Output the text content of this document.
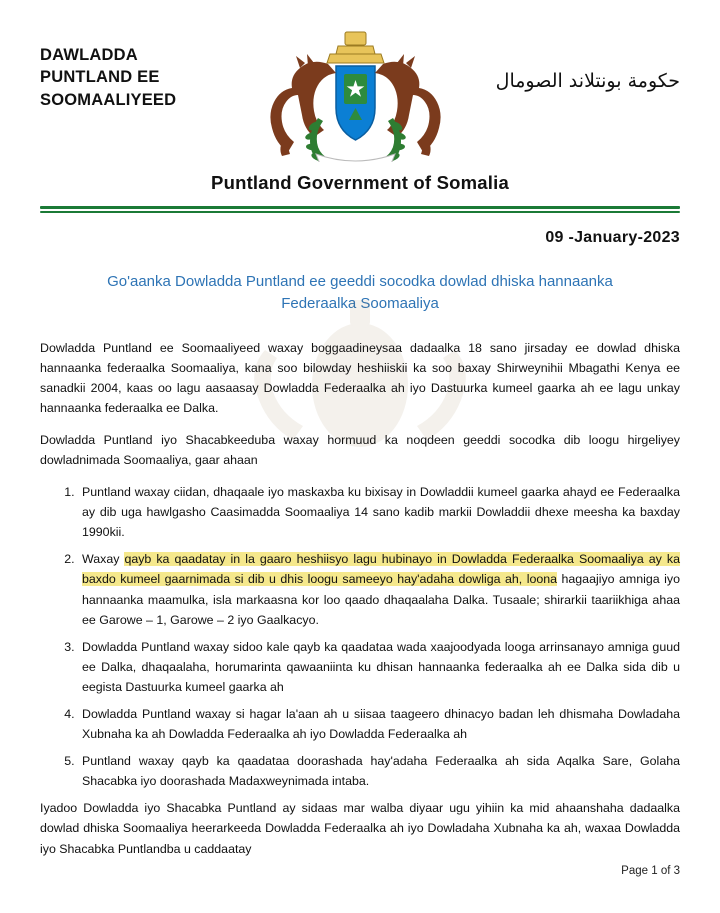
DAWLADDA
PUNTLAND EE
SOOMAALIYEED
حكومة بونتلاند الصومال
Puntland Government of Somalia
09 -January-2023
Go'aanka Dowladda Puntland ee geeddi socodka dowlad dhiska hannaanka Federaalka Soomaaliya

Dowladda Puntland ee Soomaaliyeed waxay boggaadineysaa dadaalka 18 sano jirsaday ee dowlad dhiska hannaanka federaalka Soomaaliya, kana soo bilowday heshiiskii ka soo baxay Shirweynihii Mbagathi Kenya ee sanadkii 2004, kaas oo lagu aasaasay Dowladda Federaalka ah iyo Dastuurka kumeel gaarka ah ee lagu unkay hannaanka federaalka ee Dalka.

Dowladda Puntland iyo Shacabkeeduba waxay hormuud ka noqdeen geeddi socodka dib loogu hirgeliyey dowladnimada Soomaaliya, gaar ahaan

1. Puntland waxay ciidan, dhaqaale iyo maskaxba ku bixisay in Dowladdii kumeel gaarka ahayd ee Federaalka ay dib uga hawlgasho Caasimadda Soomaaliya 14 sano kadib markii Dowladdii dhexe meesha ka baxday 1990kii.
2. Waxay qayb ka qaadatay in la gaaro heshiisyo lagu hubinayo in Dowladda Federaalka Soomaaliya ay ka baxdo kumeel gaarnimada si dib u dhis loogu sameeyo hay'adaha dowliga ah, loona hagaajiyo amniga iyo hannaanka maamulka, isla markaasna kor loo qaado dhaqaalaha Dalka. Tusaale; shirarkii taariikhiga ahaa ee Garowe – 1, Garowe – 2 iyo Gaalkacyo.
3. Dowladda Puntland waxay sidoo kale qayb ka qaadataa wada xaajoodyada looga arrinsanayo amniga guud ee Dalka, dhaqaalaha, horumarinta qawaaniinta ku dhisan hannaanka federaalka ah ee Dalka sida dib u eegista Dastuurka kumeel gaarka ah
4. Dowladda Puntland waxay si hagar la'aan ah u siisaa taageero dhinacyo badan leh dhismaha Dowladaha Xubnaha ka ah Dowladda Federaalka ah iyo Dowladda Federaalka ah
5. Puntland waxay qayb ka qaadataa doorashada hay'adaha Federaalka ah sida Aqalka Sare, Golaha Shacabka iyo doorashada Madaxweynimada intaba.

Iyadoo Dowladda iyo Shacabka Puntland ay sidaas mar walba diyaar ugu yihiin ka mid ahaanshaha dadaalka dowlad dhiska Soomaaliya heerarkeeda Dowladda Federaalka ah iyo Dowladaha Xubnaha ka ah, waxaa Dowladda iyo Shacabka Puntlandba u caddaatay

Page 1 of 3
